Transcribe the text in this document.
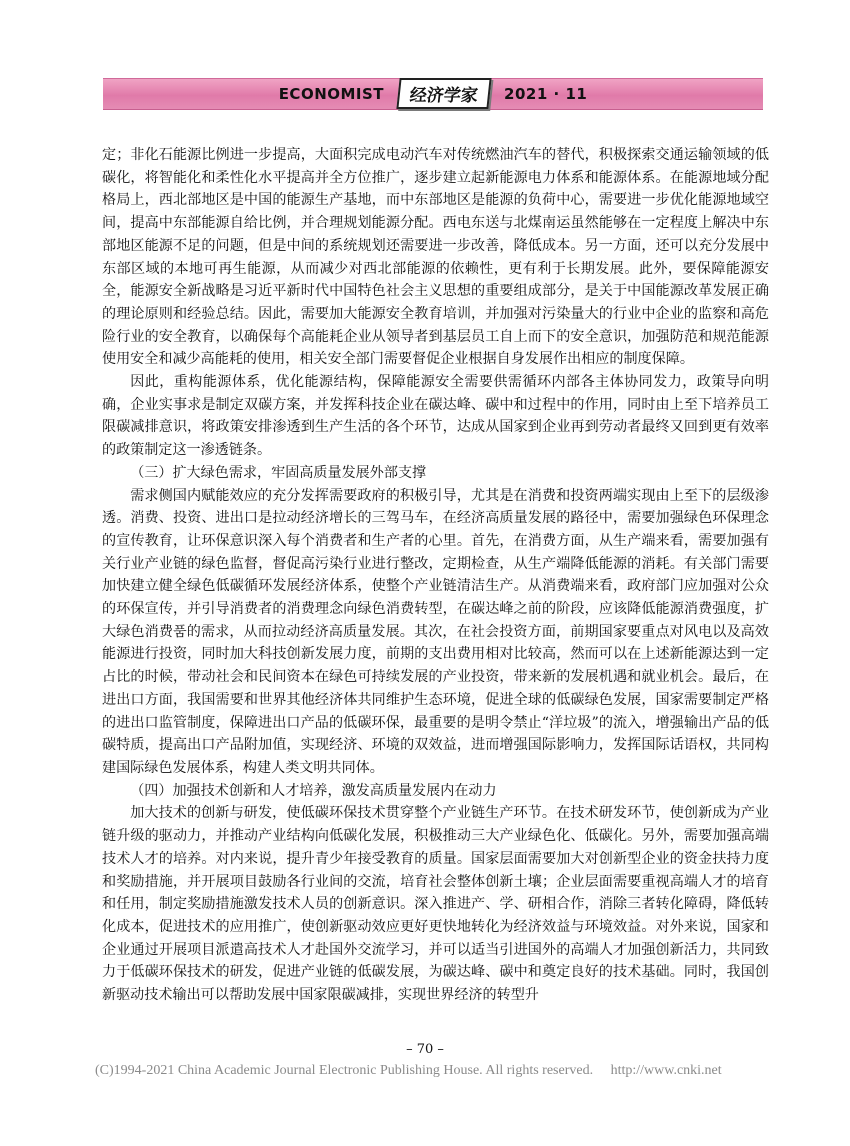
ECONOMIST	经济学家	2021 · 11

定；非化石能源比例进一步提高，大面积完成电动汽车对传统燃油汽车的替代，积极探索交通运输领域的低碳化，将智能化和柔性化水平提高并全方位推广，逐步建立起新能源电力体系和能源体系。在能源地域分配格局上，西北部地区是中国的能源生产基地，而中东部地区是能源的负荷中心，需要进一步优化能源地域空间，提高中东部能源自给比例，并合理规划能源分配。西电东送与北煤南运虽然能够在一定程度上解决中东部地区能源不足的问题，但是中间的系统规划还需要进一步改善，降低成本。另一方面，还可以充分发展中东部区域的本地可再生能源，从而减少对西北部能源的依赖性，更有利于长期发展。此外，要保障能源安全，能源安全新战略是习近平新时代中国特色社会主义思想的重要组成部分，是关于中国能源改革发展正确的理论原则和经验总结。因此，需要加大能源安全教育培训，并加强对污染量大的行业中企业的监察和高危险行业的安全教育，以确保每个高能耗企业从领导者到基层员工自上而下的安全意识，加强防范和规范能源使用安全和减少高能耗的使用，相关安全部门需要督促企业根据自身发展作出相应的制度保障。

因此，重构能源体系，优化能源结构，保障能源安全需要供需循环内部各主体协同发力，政策导向明确，企业实事求是制定双碳方案，并发挥科技企业在碳达峰、碳中和过程中的作用，同时由上至下培养员工限碳减排意识，将政策安排渗透到生产生活的各个环节，达成从国家到企业再到劳动者最终又回到更有效率的政策制定这一渗透链条。

（三）扩大绿色需求，牢固高质量发展外部支撑

需求侧国内赋能效应的充分发挥需要政府的积极引导，尤其是在消费和投资两端实现由上至下的层级渗透。消费、投资、进出口是拉动经济增长的三驾马车，在经济高质量发展的路径中，需要加强绿色环保理念的宣传教育，让环保意识深入每个消费者和生产者的心里。首先，在消费方面，从生产端来看，需要加强有关行业产业链的绿色监督，督促高污染行业进行整改，定期检查，从生产端降低能源的消耗。有关部门需要加快建立健全绿色低碳循环发展经济体系，使整个产业链清洁生产。从消费端来看，政府部门应加强对公众的环保宣传，并引导消费者的消费理念向绿色消费转型，在碳达峰之前的阶段，应该降低能源消费强度，扩大绿色消费품的需求，从而拉动经济高质量发展。其次，在社会投资方面，前期国家要重点对风电以及高效能源进行投资，同时加大科技创新发展力度，前期的支出费用相对比较高，然而可以在上述新能源达到一定占比的时候，带动社会和民间资本在绿色可持续发展的产业投资，带来新的发展机遇和就业机会。最后，在进出口方面，我国需要和世界其他经济体共同维护生态环境，促进全球的低碳绿色发展，国家需要制定严格的进出口监管制度，保障进出口产品的低碳环保，最重要的是明令禁止“洋垃圾”的流入，增强输出产品的低碳特质，提高出口产品附加值，实现经济、环境的双效益，进而增强国际影响力，发挥国际话语权，共同构建国际绿色发展体系，构建人类文明共同体。

（四）加强技术创新和人才培养，激发高质量发展内在动力

加大技术的创新与研发，使低碳环保技术贯穿整个产业链生产环节。在技术研发环节，使创新成为产业链升级的驱动力，并推动产业结构向低碳化发展，积极推动三大产业绿色化、低碳化。另外，需要加强高端技术人才的培养。对内来说，提升青少年接受教育的质量。国家层面需要加大对创新型企业的资金扶持力度和奖励措施，并开展项目鼓励各行业间的交流，培育社会整体创新土壤；企业层面需要重视高端人才的培育和任用，制定奖励措施激发技术人员的创新意识。深入推进产、学、研相合作，消除三者转化障碍，降低转化成本，促进技术的应用推广，使创新驱动效应更好更快地转化为经济效益与环境效益。对外来说，国家和企业通过开展项目派遣高技术人才赴国外交流学习，并可以适当引进国外的高端人才加强创新活力，共同致力于低碳环保技术的研发，促进产业链的低碳发展，为碳达峰、碳中和奠定良好的技术基础。同时，我国创新驱动技术输出可以帮助发展中国家限碳减排，实现世界经济的转型升

– 70 –
(C)1994-2021 China Academic Journal Electronic Publishing House. All rights reserved. http://www.cnki.net
